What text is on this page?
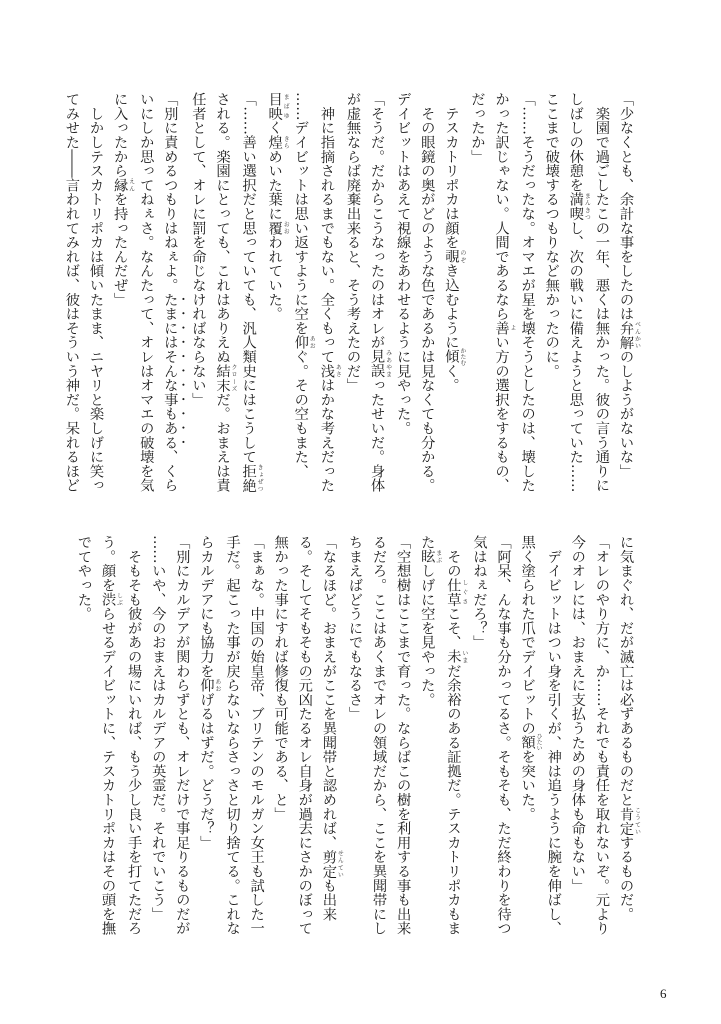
「少なくとも、余計な事をしたのは弁解 べんかいのしようがないな」
　楽園で過ごしたこの一年、悪くは無かった。彼の言う通りに
しばしの休憩を満喫 まんきつし、次の戦いに備えようと思っていた……
ここまで破壊するつもりなど無かったのに。
「……そうだったな。オマエが星を壊そうとしたのは、壊した
かった訳じゃない。人間であるなら善 よい方の選択をするもの、
だったか」
　テスカトリポカは顔を覗 のぞき込むように傾 かたむく。
　その眼鏡の奥がどのような色であるかは見なくても分かる。
デイビットはあえて視線をあわせるように見やった。
「そうだ。だからこうなったのはオレが見誤 みあやまったせいだ。身体
が虚無ならば廃棄出来ると、そう考えたのだ」
　神に指摘されるまでもない。全くもって浅 あさはかな考えだった
……デイビットは思い返すように空を仰 あおぐ。その空もまた、
目映 まばゆく煌 きらめいた葉に覆 おおわれていた。
「……善い選択だと思っていても、汎人類史にはこうして拒絶 きょぜつ
される。楽園にとっても、これはありえぬ結末 クローズだ。おまえは責
任者として、オレに罰を命じなければならない」
「別に責めるつもりはねぇよ。たまにはそんな事もある、くら
いにしか思ってねぇさ。なんたって、オレはオマエの破壊を気
に入ったから縁 えんを持ったんだぜ」
　しかしテスカトリポカは傾いたまま、ニヤリと楽しげに笑っ
てみせた――言われてみれば、彼はそういう神だ。呆れるほど
に気まぐれ、だが滅亡は必ずあるものだと肯定 こうていするものだ。
「オレのやり方に、か……それでも責任を取れないぞ。元より
今のオレには、おまえに支払うための身体も命もない」
　デイビットはつい身を引くが、神は追うように腕を伸ばし、
黒く塗られた爪でデイビットの額 ひたいを突いた。
「阿呆、んな事も分かってるさ。そもそも、ただ終わりを待つ
気はねぇだろ？」
　その仕草 しぐさこそ、未 いまだ余裕のある証拠だ。テスカトリポカもま
た眩 まぶしげに空を見やった。
「空想樹はここまで育った。ならばこの樹を利用する事も出来
るだろ。ここはあくまでオレの領域だから、ここを異聞帯にし
ちまえばどうにでもなるさ」
「なるほど。おまえがここを異聞帯と認めれば、剪定 せんていも出来
る。そしてそもそもの元凶たるオレ自身が過去にさかのぼって
無かった事にすれば修復も可能である、と」
「まぁな。中国の始皇帝、ブリテンのモルガン女王も試した一
手だ。起こった事が戻らないならさっさと切り捨てる。これな
らカルデアにも協力を仰 あおげるはずだ。どうだ？」
「別にカルデアが関わらずとも、オレだけで事足りるものだが
……いや、今のおまえはカルデアの英霊だ。それでいこう」
　そもそも彼があの場にいれば、もう少し良い手を打てただろ
う。顔を渋 しぶらせるデイビットに、テスカトリポカはその頭を撫
でてやった。
6
